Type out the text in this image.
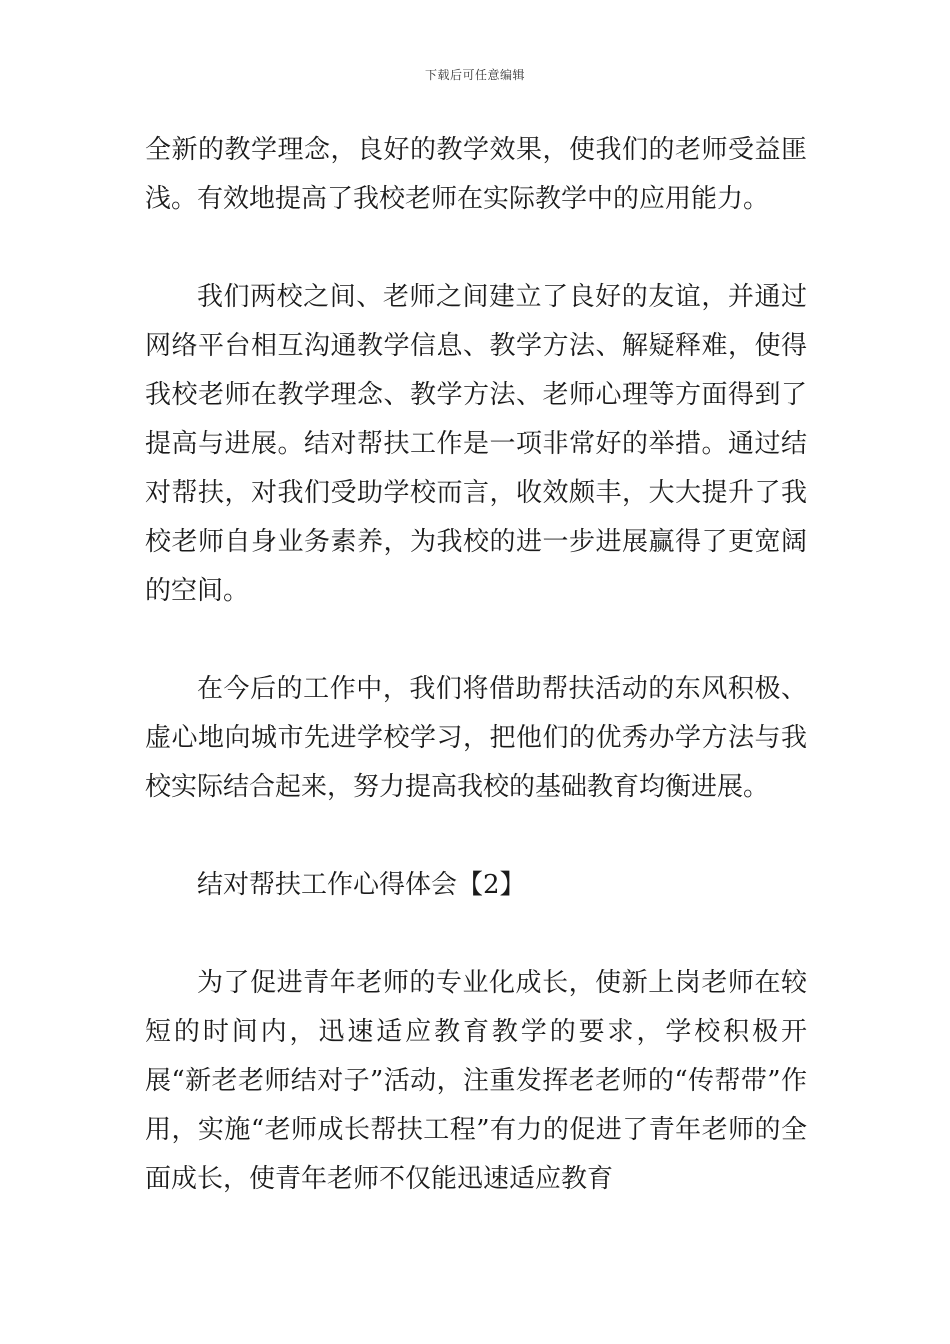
下载后可任意编辑

全新的教学理念，良好的教学效果，使我们的老师受益匪浅。有效地提高了我校老师在实际教学中的应用能力。

我们两校之间、老师之间建立了良好的友谊，并通过网络平台相互沟通教学信息、教学方法、解疑释难，使得我校老师在教学理念、教学方法、老师心理等方面得到了提高与进展。结对帮扶工作是一项非常好的举措。通过结对帮扶，对我们受助学校而言，收效颇丰，大大提升了我校老师自身业务素养，为我校的进一步进展赢得了更宽阔的空间。

在今后的工作中，我们将借助帮扶活动的东风积极、虚心地向城市先进学校学习，把他们的优秀办学方法与我校实际结合起来，努力提高我校的基础教育均衡进展。

结对帮扶工作心得体会【2】

为了促进青年老师的专业化成长，使新上岗老师在较短的时间内，迅速适应教育教学的要求，学校积极开展“新老老师结对子”活动，注重发挥老老师的“传帮带”作用，实施“老师成长帮扶工程”有力的促进了青年老师的全面成长，使青年老师不仅能迅速适应教育
